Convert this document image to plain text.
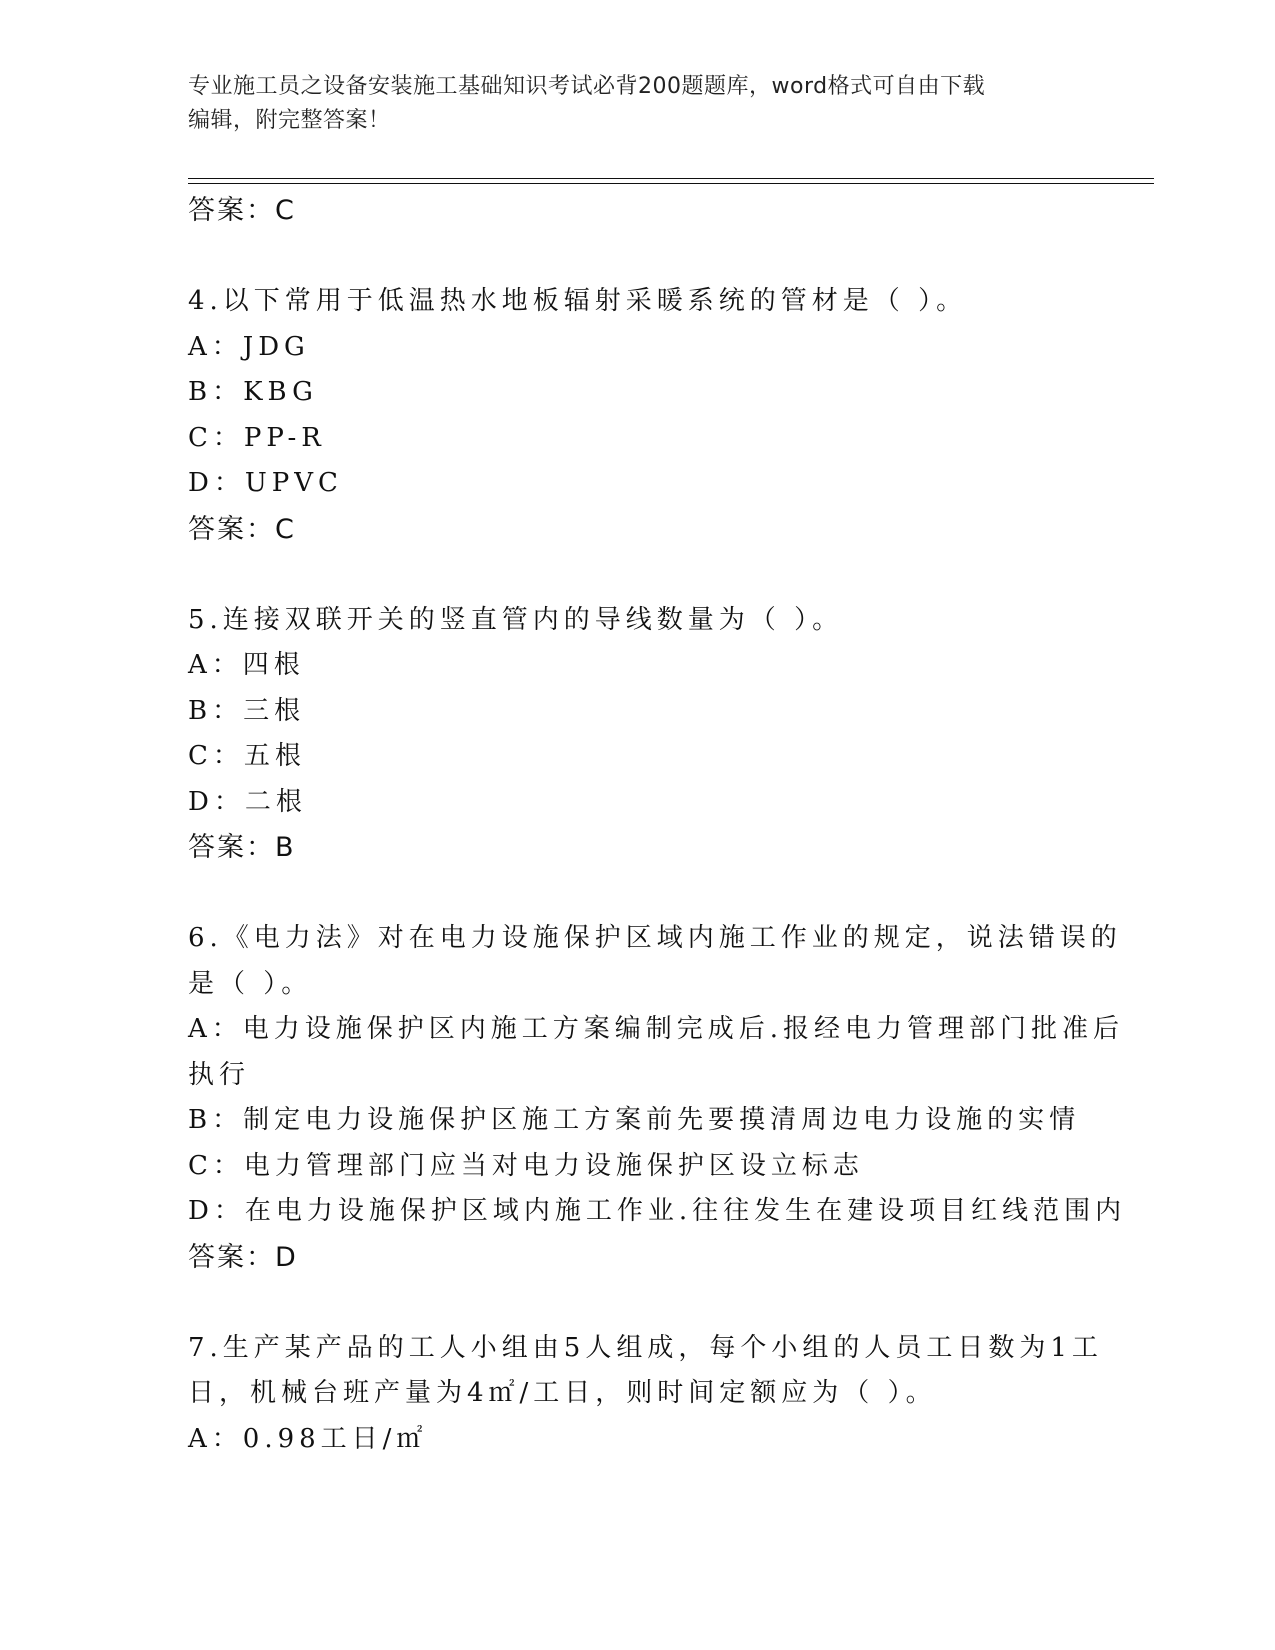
专业施工员之设备安装施工基础知识考试必背200题题库，word格式可自由下载
编辑，附完整答案！
答案：C
4.以下常用于低温热水地板辐射采暖系统的管材是（ ）。
A：JDG
B：KBG
C：PP-R
D：UPVC
答案：C
5.连接双联开关的竖直管内的导线数量为（ ）。
A：四根
B：三根
C：五根
D：二根
答案：B
6.《电力法》对在电力设施保护区域内施工作业的规定，说法错误的
是（ ）。
A：电力设施保护区内施工方案编制完成后.报经电力管理部门批准后
执行
B：制定电力设施保护区施工方案前先要摸清周边电力设施的实情
C：电力管理部门应当对电力设施保护区设立标志
D：在电力设施保护区域内施工作业.往往发生在建设项目红线范围内
答案：D
7.生产某产品的工人小组由5人组成，每个小组的人员工日数为1工
日，机械台班产量为4㎡/工日，则时间定额应为（ ）。
A：0.98工日/㎡
